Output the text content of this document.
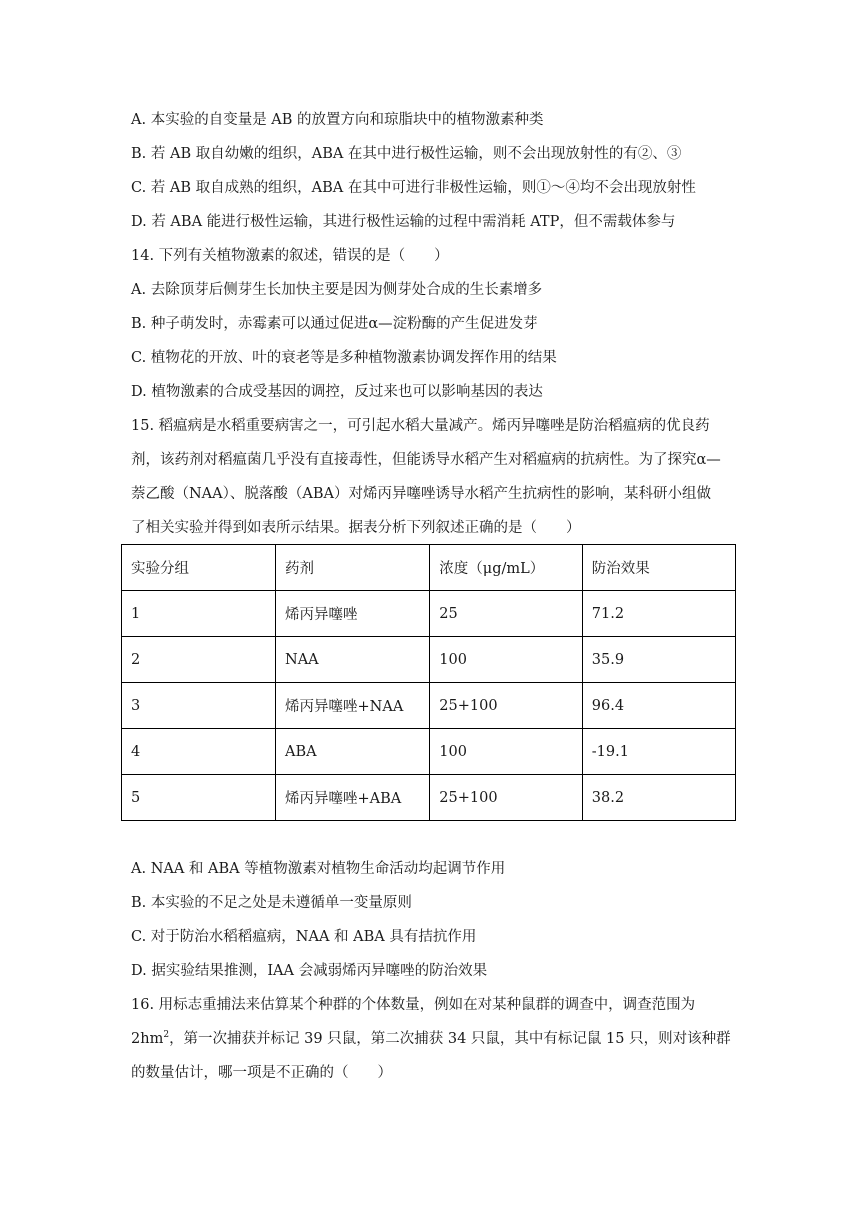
A. 本实验的自变量是 AB 的放置方向和琼脂块中的植物激素种类
B. 若 AB 取自幼嫩的组织，ABA 在其中进行极性运输，则不会出现放射性的有②、③
C. 若 AB 取自成熟的组织，ABA 在其中可进行非极性运输，则①～④均不会出现放射性
D. 若 ABA 能进行极性运输，其进行极性运输的过程中需消耗 ATP，但不需载体参与
14. 下列有关植物激素的叙述，错误的是（　　）
A. 去除顶芽后侧芽生长加快主要是因为侧芽处合成的生长素增多
B. 种子萌发时，赤霉素可以通过促进α—淀粉酶的产生促进发芽
C. 植物花的开放、叶的衰老等是多种植物激素协调发挥作用的结果
D. 植物激素的合成受基因的调控，反过来也可以影响基因的表达
15. 稻瘟病是水稻重要病害之一，可引起水稻大量减产。烯丙异噻唑是防治稻瘟病的优良药
剂，该药剂对稻瘟菌几乎没有直接毒性，但能诱导水稻产生对稻瘟病的抗病性。为了探究α—
萘乙酸（NAA）、脱落酸（ABA）对烯丙异噻唑诱导水稻产生抗病性的影响，某科研小组做
了相关实验并得到如表所示结果。据表分析下列叙述正确的是（　　）
实验分组	药剂	浓度（μg/mL）	防治效果
1	烯丙异噻唑	25	71.2
2	NAA	100	35.9
3	烯丙异噻唑+NAA	25+100	96.4
4	ABA	100	-19.1
5	烯丙异噻唑+ABA	25+100	38.2
A. NAA 和 ABA 等植物激素对植物生命活动均起调节作用
B. 本实验的不足之处是未遵循单一变量原则
C. 对于防治水稻稻瘟病，NAA 和 ABA 具有拮抗作用
D. 据实验结果推测，IAA 会减弱烯丙异噻唑的防治效果
16. 用标志重捕法来估算某个种群的个体数量，例如在对某种鼠群的调查中，调查范围为
$2hm^2$，第一次捕获并标记 39 只鼠，第二次捕获 34 只鼠，其中有标记鼠 15 只，则对该种群
的数量估计，哪一项是不正确的（　　）
